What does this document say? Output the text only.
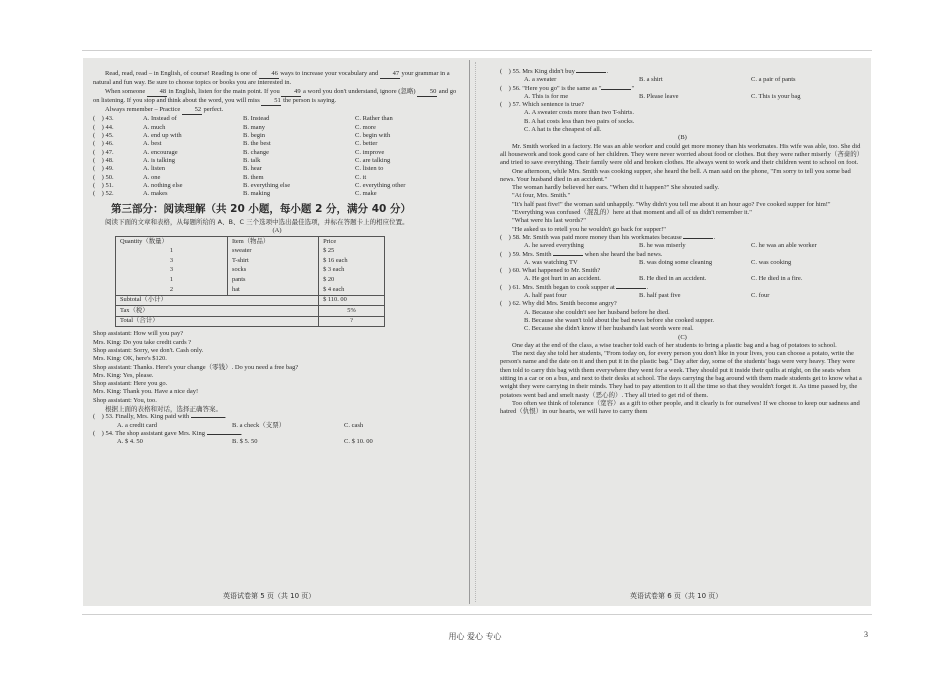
Read, read, read – in English, of course! Reading is one of 46 ways to increase your vocabulary and 47 your grammar in a natural and fun way. Be sure to choose topics or books you are interested in.

When someone 48 in English, listen for the main point. If you 49 a word you don't understand, ignore (忽略) 50 and go on listening. If you stop and think about the word, you will miss 51 the person is saying.

Always remember – Practice 52 perfect.

(　) 43.	A. Instead of	B. Instead	C. Rather than
(　) 44.	A. much	B. many	C. more
(　) 45.	A. end up with	B. begin	C. begin with
(　) 46.	A. best	B. the best	C. better
(　) 47.	A. encourage	B. change	C. improve
(　) 48.	A. is talking	B. talk	C. are talking
(　) 49.	A. listen	B. hear	C. listen to
(　) 50.	A. one	B. them	C. it
(　) 51.	A. nothing else	B. everything else	C. everything other
(　) 52.	A. makes	B. making	C. make
第三部分：阅读理解（共 20 小题，每小题 2 分，满分 40 分）

阅读下面的文章和表格，从每题所给的 A、B、C 三个选项中选出最佳选项，并标在答题卡上的相应位置。

(A)

Quantity（数量）	Item（物品）	Price
1	sweater	$ 25
3	T-shirt	$ 16 each
3	socks	$ 3 each
1	pants	$ 20
2	hat	$ 4 each
Subtotal（小计）		$ 110. 00
Tax（税）		5%
Total（合计）		?

Shop assistant: How will you pay?

Mrs. King: Do you take credit cards ?

Shop assistant: Sorry, we don't. Cash only.

Mrs. King: OK, here's $120.

Shop assistant: Thanks. Here's your change（零钱）. Do you need a free bag?

Mrs. King: Yes, please.

Shop assistant: Here you go.

Mrs. King: Thank you. Have a nice day!

Shop assistant: You, too.

根据上面的表格和对话，选择正确答案。

(　) 53. Finally, Mrs. King paid with	.

A. a credit card	B. a check（支票）	C. cash

(　) 54. The shop assistant gave Mrs. King	.

A. $ 4. 50	B. $ 5. 50	C. $ 10. 00
英语试卷第 5 页（共 10 页）

(　) 55. Mrs King didn't buy	.

A. a sweater	B. a shirt	C. a pair of pants

(　) 56. "Here you go" is the same as "	"

A. This is for me	B. Please leave	C. This is your bag

(　) 57. Which sentence is true?

A. A sweater costs more than two T-shirts.

B. A hat costs less than two pairs of socks.

C. A hat is the cheapest of all.

(B)

Mr. Smith worked in a factory. He was an able worker and could get more money than his workmates. His wife was able, too. She did all housework and took good care of her children. They were never worried about food or clothes. But they were rather miserly（吝啬的）and tried to save everything. Their family were old and broken clothes. He always went to work and their children went to school on foot.

One afternoon, while Mrs. Smith was cooking supper, she heard the bell. A man said on the phone, "I'm sorry to tell you some bad news. Your husband died in an accident."

The woman hardly believed her ears. "When did it happen?" She shouted sadly.

"At four, Mrs. Smith."

"It's half past five!" the woman said unhappily. "Why didn't you tell me about it an hour ago? I've cooked supper for him!"

"Everything was confused（混乱的）here at that moment and all of us didn't remember it."

"What were his last words?"

"He asked us to retell you he wouldn't go back for supper!"

(　) 58. Mr. Smith was paid more money than his workmates because	.

A. he saved everything	B. he was miserly	C. he was an able worker

(　) 59. Mrs. Smith	when she heard the bad news.

A. was watching TV	B. was doing some cleaning	C. was cooking

(　) 60. What happened to Mr. Smith?

A. He got hurt in an accident.	B. He died in an accident.	C. He died in a fire.

(　) 61. Mrs. Smith began to cook supper at	.

A. half past four	B. half past five	C. four

(　) 62. Why did Mrs. Smith become angry?

A. Because she couldn't see her husband before he died.

B. Because she wasn't told about the bad news before she cooked supper.

C. Because she didn't know if her husband's last words were real.

(C)

One day at the end of the class, a wise teacher told each of her students to bring a plastic bag and a bag of potatoes to school.

The next day she told her students, "From today on, for every person you don't like in your lives, you can choose a potato, write the person's name and the date on it and then put it in the plastic bag." Day after day, some of the students' bags were very heavy. They were then told to carry this bag with them everywhere they went for a week. They should put it inside their quilts at night, on the seats when sitting in a car or on a bus, and next to their desks at school. The days carrying the bag around with them made students get to know what a weight they were carrying in their minds. They had to pay attention to it all the time so that they wouldn't forget it. As time passed by, the potatoes went bad and smelt nasty（恶心的）. They all tried to get rid of them.

Too often we think of tolerance（宽容）as a gift to other people, and it clearly is for ourselves! If we choose to keep our sadness and hatred（仇恨）in our hearts, we will have to carry them

英语试卷第 6 页（共 10 页）
用心 爱心 专心	3
